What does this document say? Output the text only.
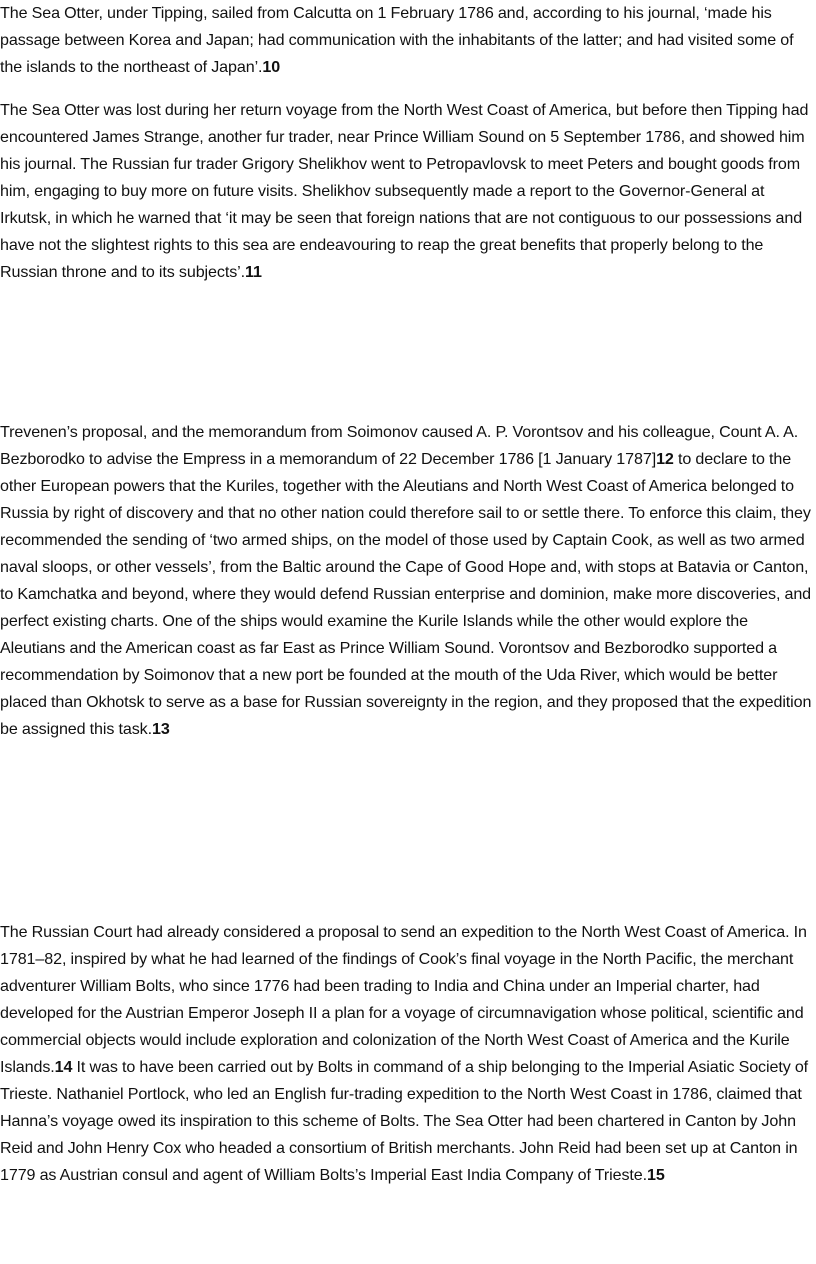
The Sea Otter, under Tipping, sailed from Calcutta on 1 February 1786 and, according to his journal, ‘made his passage between Korea and Japan; had communication with the inhabitants of the latter; and had visited some of the islands to the northeast of Japan’.10

The Sea Otter was lost during her return voyage from the North West Coast of America, but before then Tipping had encountered James Strange, another fur trader, near Prince William Sound on 5 September 1786, and showed him his journal. The Russian fur trader Grigory Shelikhov went to Petropavlovsk to meet Peters and bought goods from him, engaging to buy more on future visits. Shelikhov subsequently made a report to the Governor-General at Irkutsk, in which he warned that ‘it may be seen that foreign nations that are not contiguous to our possessions and have not the slightest rights to this sea are endeavouring to reap the great benefits that properly belong to the Russian throne and to its subjects’.11

Trevenen’s proposal, and the memorandum from Soimonov caused A. P. Vorontsov and his colleague, Count A. A. Bezborodko to advise the Empress in a memorandum of 22 December 1786 [1 January 1787]12 to declare to the other European powers that the Kuriles, together with the Aleutians and North West Coast of America belonged to Russia by right of discovery and that no other nation could therefore sail to or settle there. To enforce this claim, they recommended the sending of ‘two armed ships, on the model of those used by Captain Cook, as well as two armed naval sloops, or other vessels’, from the Baltic around the Cape of Good Hope and, with stops at Batavia or Canton, to Kamchatka and beyond, where they would defend Russian enterprise and dominion, make more discoveries, and perfect existing charts. One of the ships would examine the Kurile Islands while the other would explore the Aleutians and the American coast as far East as Prince William Sound. Vorontsov and Bezborodko supported a recommendation by Soimonov that a new port be founded at the mouth of the Uda River, which would be better placed than Okhotsk to serve as a base for Russian sovereignty in the region, and they proposed that the expedition be assigned this task.13

The Russian Court had already considered a proposal to send an expedition to the North West Coast of America. In 1781–82, inspired by what he had learned of the findings of Cook’s final voyage in the North Pacific, the merchant adventurer William Bolts, who since 1776 had been trading to India and China under an Imperial charter, had developed for the Austrian Emperor Joseph II a plan for a voyage of circumnavigation whose political, scientific and commercial objects would include exploration and colonization of the North West Coast of America and the Kurile Islands.14 It was to have been carried out by Bolts in command of a ship belonging to the Imperial Asiatic Society of Trieste. Nathaniel Portlock, who led an English fur-trading expedition to the North West Coast in 1786, claimed that Hanna’s voyage owed its inspiration to this scheme of Bolts. The Sea Otter had been chartered in Canton by John Reid and John Henry Cox who headed a consortium of British merchants. John Reid had been set up at Canton in 1779 as Austrian consul and agent of William Bolts’s Imperial East India Company of Trieste.15
